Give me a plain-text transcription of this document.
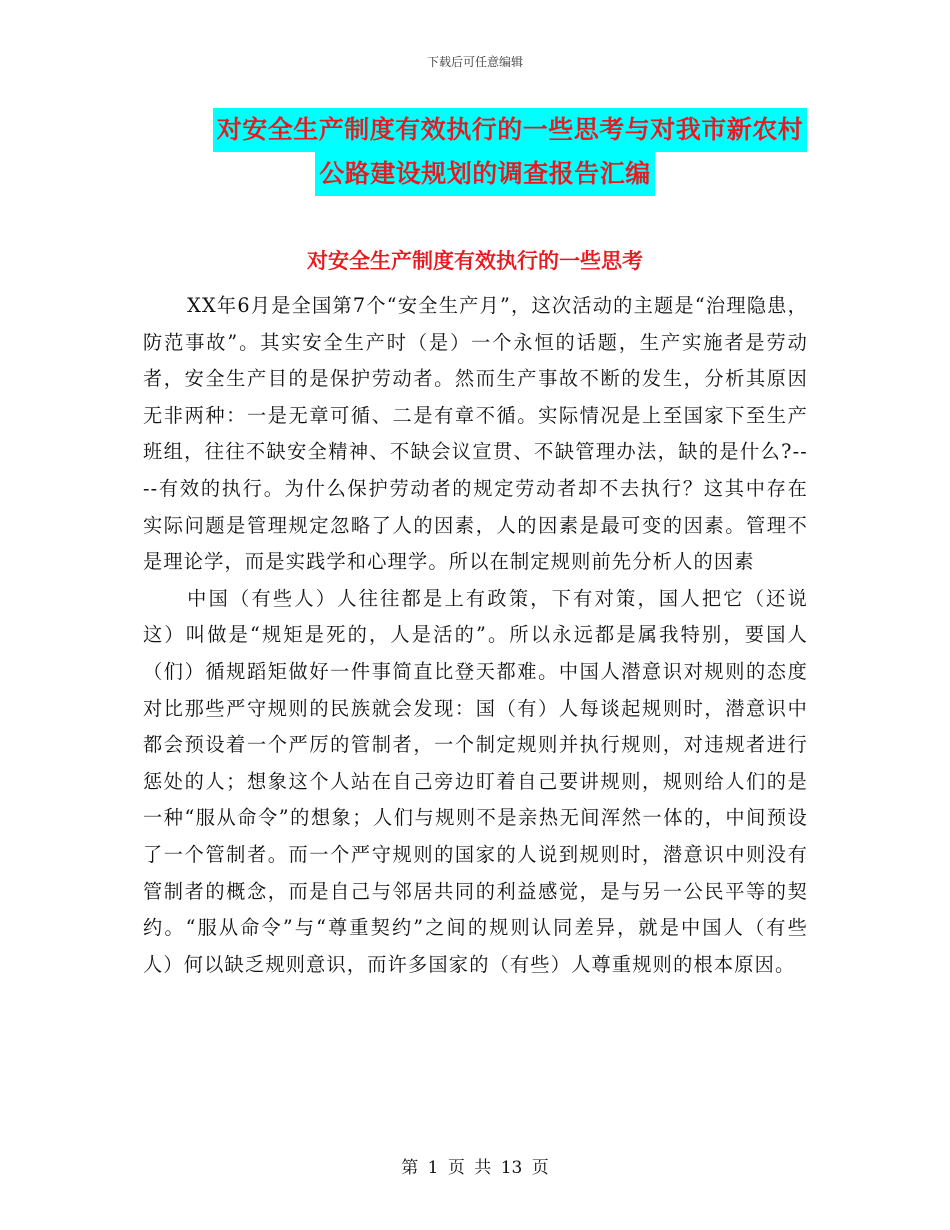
下载后可任意编辑
对安全生产制度有效执行的一些思考与对我市新农村
公路建设规划的调查报告汇编
对安全生产制度有效执行的一些思考

XX年6月是全国第7个“安全生产月”，这次活动的主题是“治理隐患，防范事故”。其实安全生产时（是）一个永恒的话题，生产实施者是劳动者，安全生产目的是保护劳动者。然而生产事故不断的发生，分析其原因无非两种：一是无章可循、二是有章不循。实际情况是上至国家下至生产班组，往往不缺安全精神、不缺会议宣贯、不缺管理办法，缺的是什么?----有效的执行。为什么保护劳动者的规定劳动者却不去执行？这其中存在实际问题是管理规定忽略了人的因素，人的因素是最可变的因素。管理不是理论学，而是实践学和心理学。所以在制定规则前先分析人的因素

中国（有些人）人往往都是上有政策，下有对策，国人把它（还说这）叫做是“规矩是死的，人是活的”。所以永远都是属我特别，要国人（们）循规蹈矩做好一件事简直比登天都难。中国人潜意识对规则的态度对比那些严守规则的民族就会发现：国（有）人每谈起规则时，潜意识中都会预设着一个严厉的管制者，一个制定规则并执行规则，对违规者进行惩处的人；想象这个人站在自己旁边盯着自己要讲规则，规则给人们的是一种“服从命令”的想象；人们与规则不是亲热无间浑然一体的，中间预设了一个管制者。而一个严守规则的国家的人说到规则时，潜意识中则没有管制者的概念，而是自己与邻居共同的利益感觉，是与另一公民平等的契约。“服从命令”与“尊重契约”之间的规则认同差异，就是中国人（有些人）何以缺乏规则意识，而许多国家的（有些）人尊重规则的根本原因。

第 1 页 共 13 页
